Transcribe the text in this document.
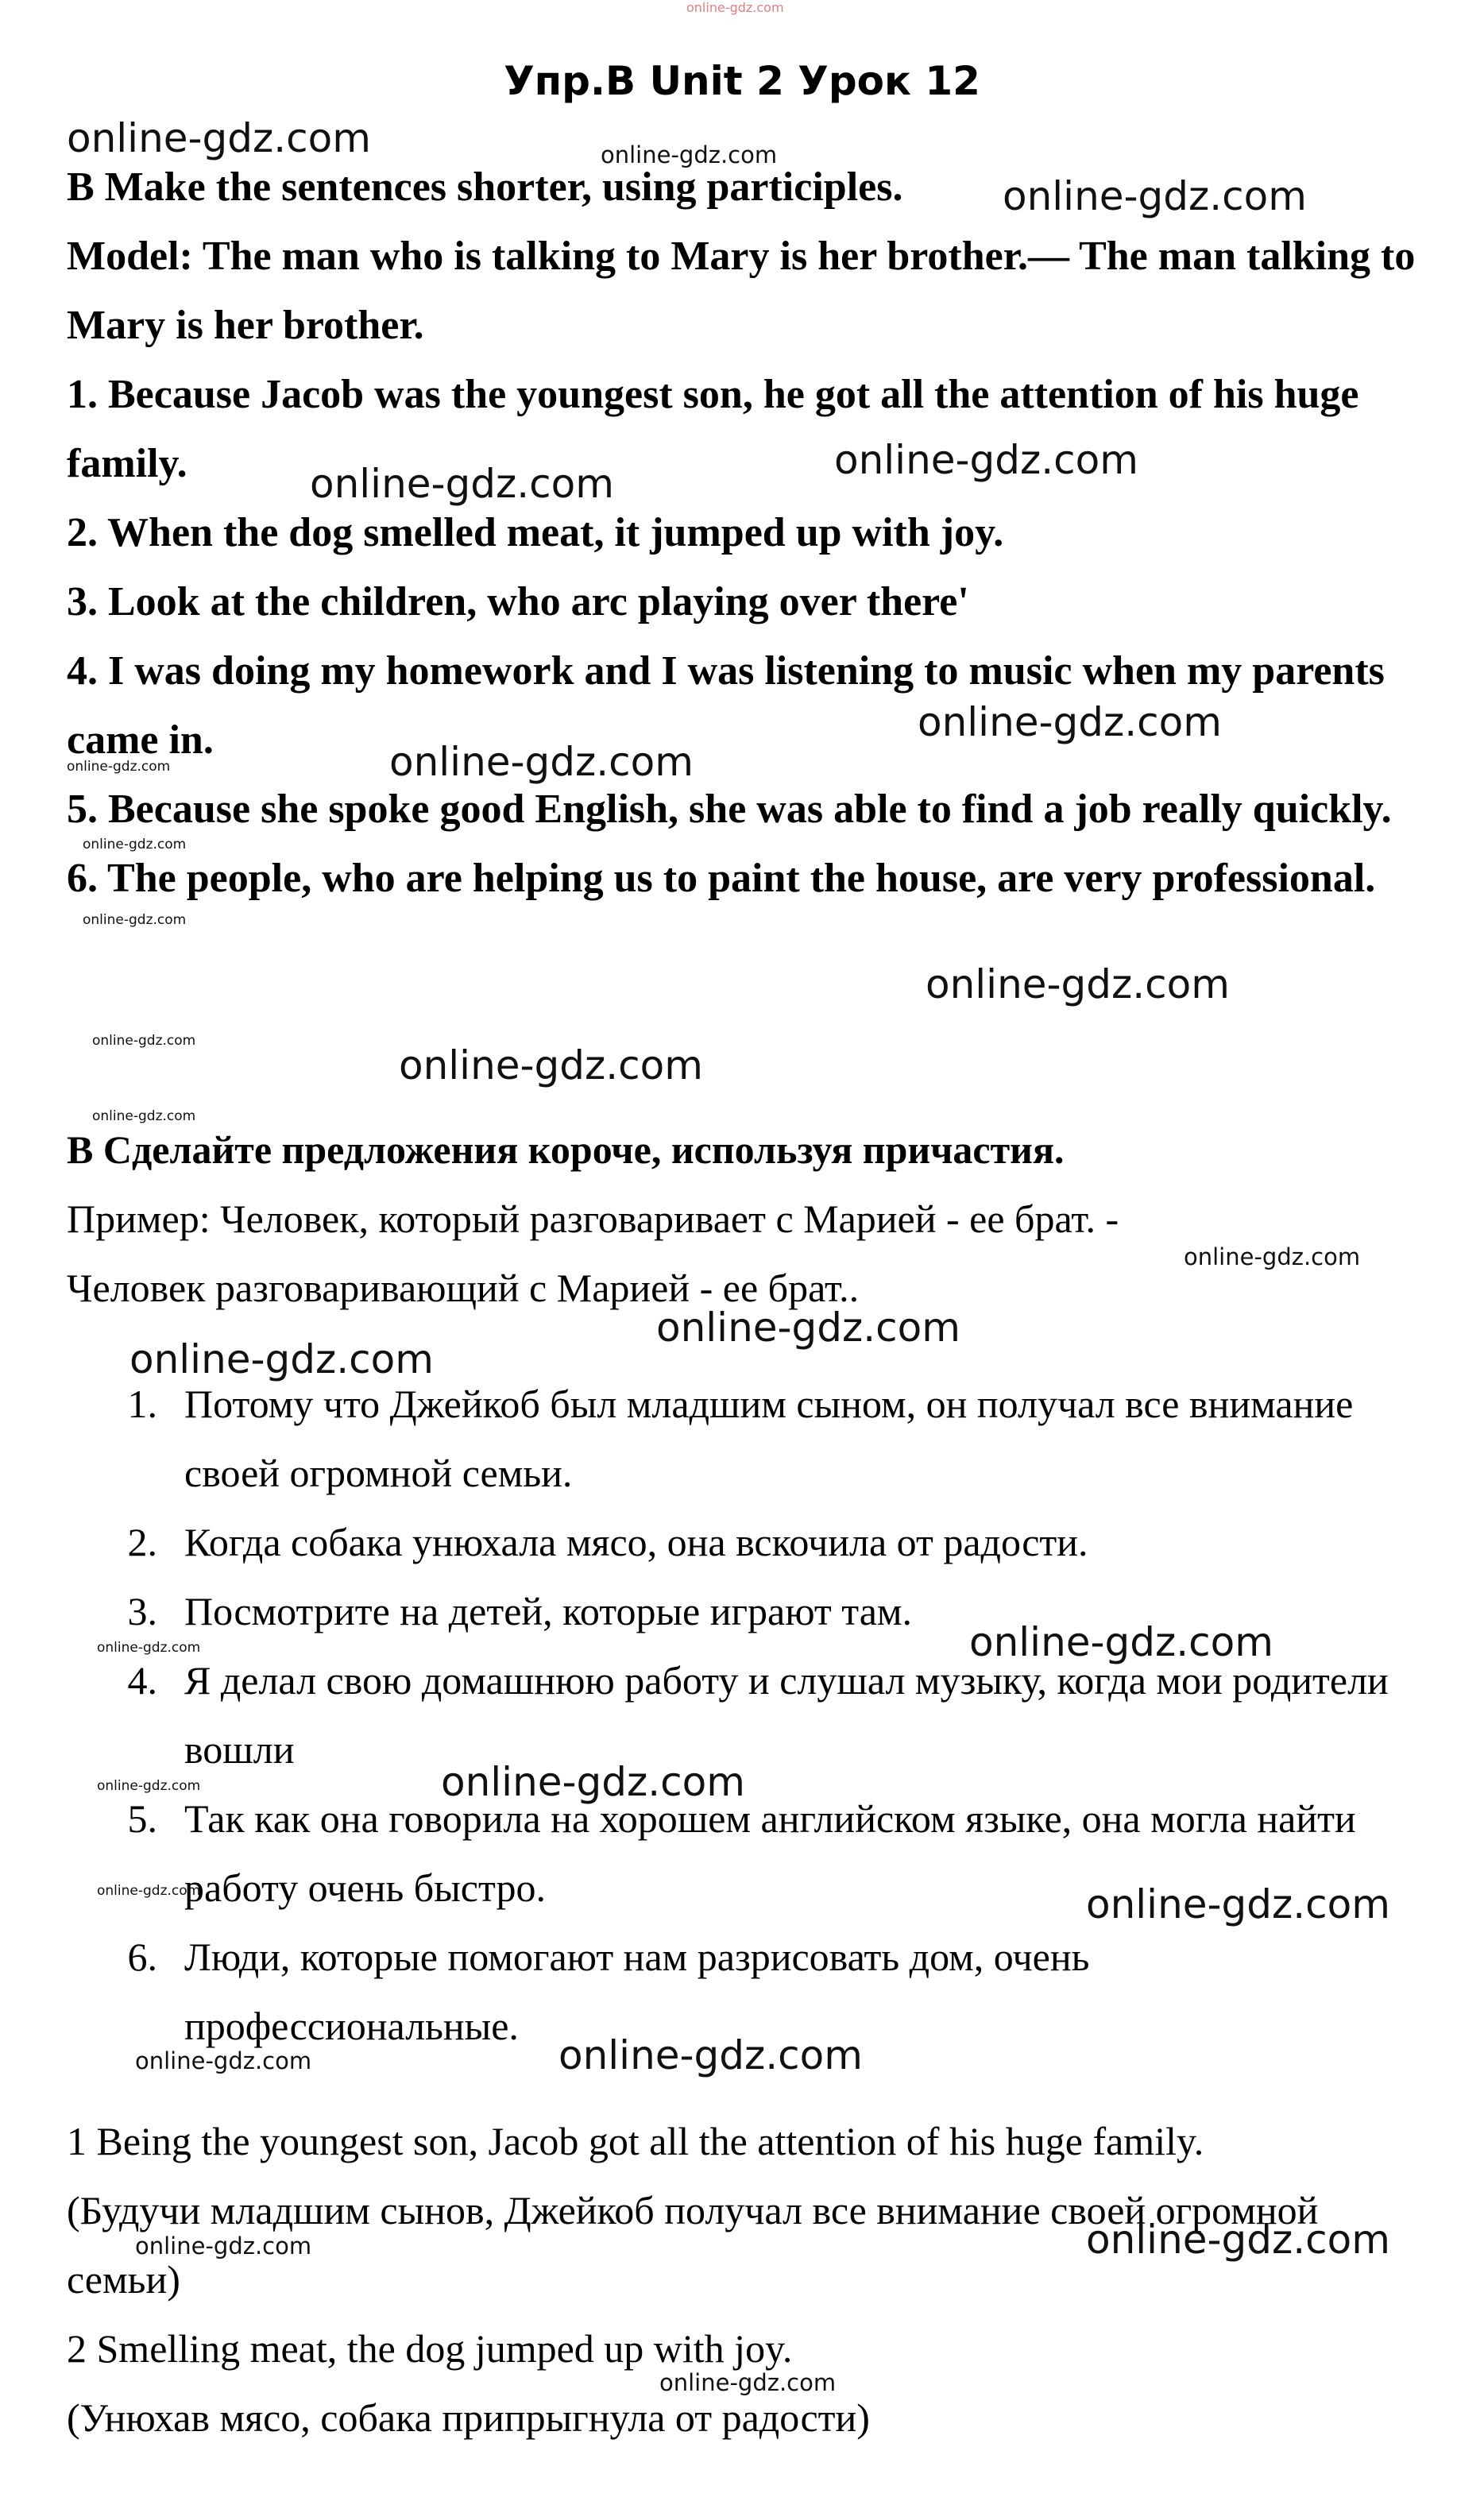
online-gdz.com
Упр.B Unit 2 Урок 12

B Make the sentences shorter, using participles.

Model: The man who is talking to Mary is her brother.— The man talking to Mary is her brother.

1. Because Jacob was the youngest son, he got all the attention of his huge family.

2. When the dog smelled meat, it jumped up with joy.

3. Look at the children, who arc playing over there'

4. I was doing my homework and I was listening to music when my parents came in.

5. Because she spoke good English, she was able to find a job really quickly.

6. The people, who are helping us to paint the house, are very professional.

В Сделайте предложения короче, используя причастия.

Пример: Человек, который разговаривает с Марией - ее брат. -

Человек разговаривающий с Марией - ее брат..

1. Потому что Джейкоб был младшим сыном, он получал все внимание своей огромной семьи.
2. Когда собака унюхала мясо, она вскочила от радости.
3. Посмотрите на детей, которые играют там.
4. Я делал свою домашнюю работу и слушал музыку, когда мои родители вошли
5. Так как она говорила на хорошем английском языке, она могла найти работу очень быстро.
6. Люди, которые помогают нам разрисовать дом, очень профессиональные.

1 Being the youngest son, Jacob got all the attention of his huge family.

(Будучи младшим сынов, Джейкоб получал все внимание своей огромной семьи)

2 Smelling meat, the dog jumped up with joy.

(Унюхав мясо, собака припрыгнула от радости)

online-gdz.com	online-gdz.com
online-gdz.com
online-gdz.com
online-gdz.com
online-gdz.com
online-gdz.com
online-gdz.com
online-gdz.com
online-gdz.com
online-gdz.com
online-gdz.com
online-gdz.com
online-gdz.com
online-gdz.com
online-gdz.com
online-gdz.com
online-gdz.com	online-gdz.com
online-gdz.com	online-gdz.com
online-gdz.com	online-gdz.com
online-gdz.com	online-gdz.com
online-gdz.com	online-gdz.com
online-gdz.com
